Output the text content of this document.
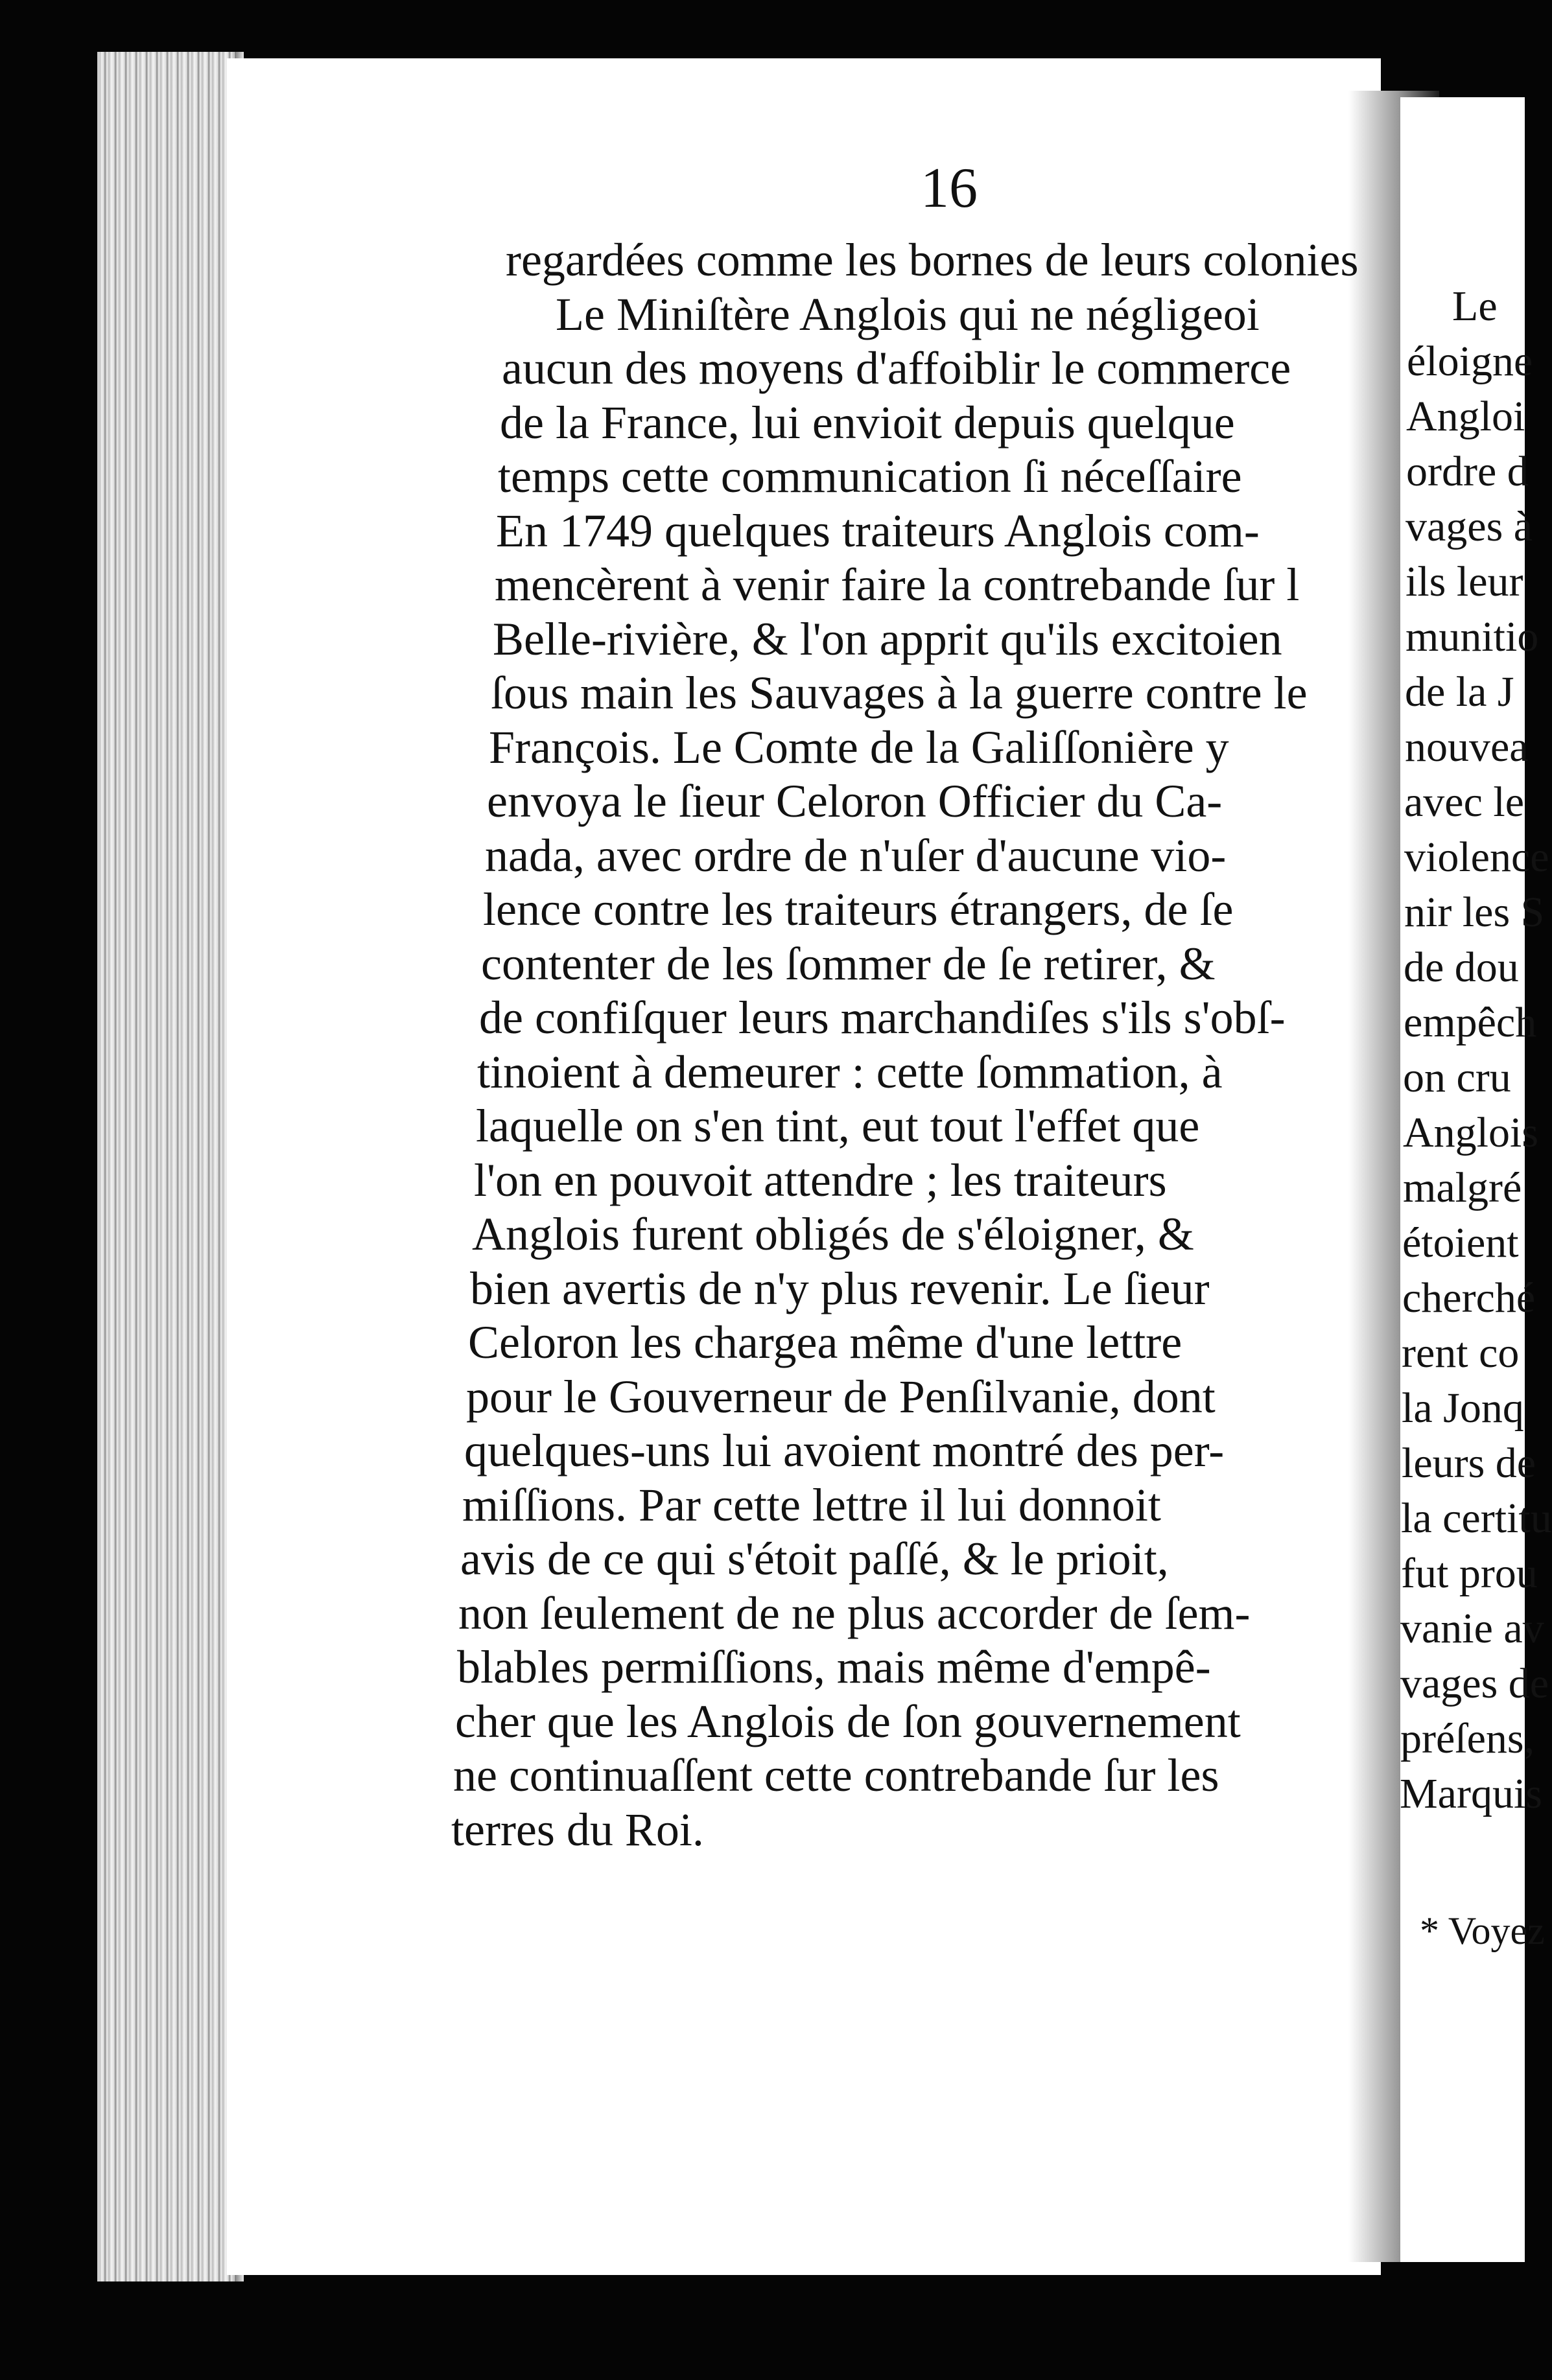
* Voyez
Le
éloigne
Angloi
ordre d
vages à
ils leur
munitio
de la J
nouvea
avec le
violence
nir les S
de dou
empêch
on cru
Anglois
malgré
étoient
cherché
rent co
la Jonq
leurs de
la certitu
fut prou
vanie av
vages de
préſens,
Marquis
16
regardées comme les bornes de leurs colonies
Le Miniſtère Anglois qui ne négligeoi
aucun des moyens d'affoiblir le commerce
de la France, lui envioit depuis quelque
temps cette communication ſi néceſſaire
En 1749 quelques traiteurs Anglois com-
mencèrent à venir faire la contrebande ſur l
Belle-rivière, & l'on apprit qu'ils excitoien
ſous main les Sauvages à la guerre contre le
François. Le Comte de la Galiſſonière y
envoya le ſieur Celoron Officier du Ca-
nada, avec ordre de n'uſer d'aucune vio-
lence contre les traiteurs étrangers, de ſe
contenter de les ſommer de ſe retirer, &
de confiſquer leurs marchandiſes s'ils s'obſ-
tinoient à demeurer : cette ſommation, à
laquelle on s'en tint, eut tout l'effet que
l'on en pouvoit attendre ; les traiteurs
Anglois furent obligés de s'éloigner, &
bien avertis de n'y plus revenir. Le ſieur
Celoron les chargea même d'une lettre
pour le Gouverneur de Penſilvanie, dont
quelques-uns lui avoient montré des per-
miſſions. Par cette lettre il lui donnoit
avis de ce qui s'étoit paſſé, & le prioit,
non ſeulement de ne plus accorder de ſem-
blables permiſſions, mais même d'empê-
cher que les Anglois de ſon gouvernement
ne continuaſſent cette contrebande ſur les
terres du Roi.
